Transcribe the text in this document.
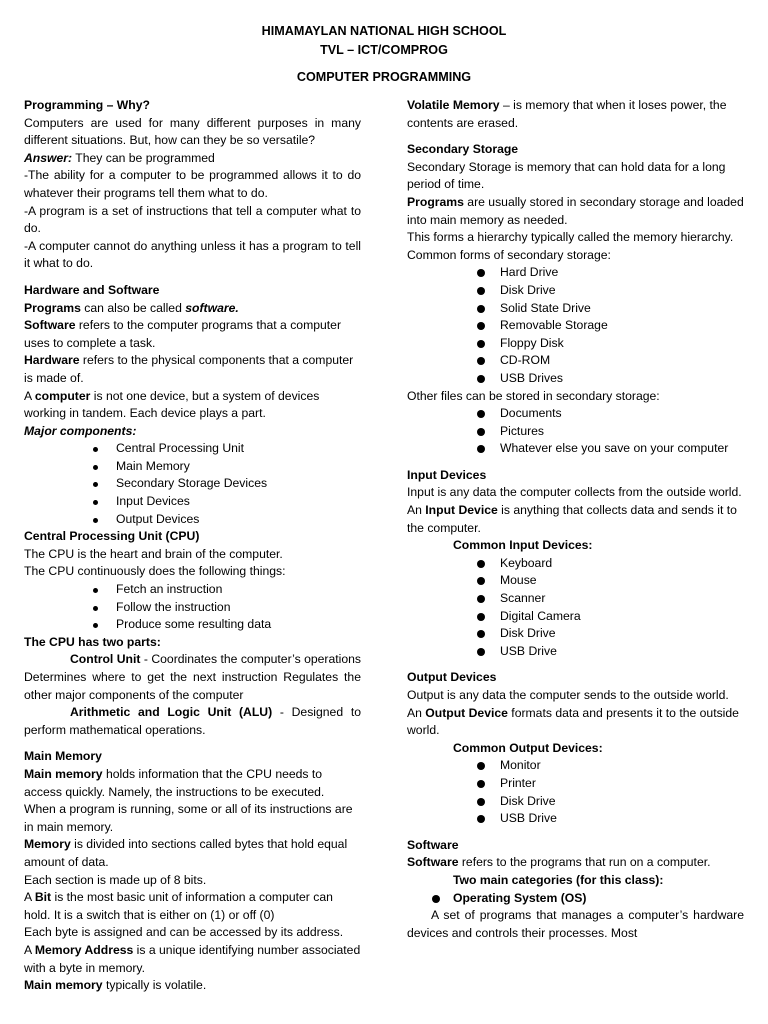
HIMAMAYLAN NATIONAL HIGH SCHOOL
TVL – ICT/COMPROG
COMPUTER PROGRAMMING

Programming – Why?

Computers are used for many different purposes in many different situations. But, how can they be so versatile?

Answer: They can be programmed

-The ability for a computer to be programmed allows it to do whatever their programs tell them what to do.

-A program is a set of instructions that tell a computer what to do.

-A computer cannot do anything unless it has a program to tell it what to do.

Hardware and Software

Programs can also be called software.

Software refers to the computer programs that a computer uses to complete a task.

Hardware refers to the physical components that a computer is made of.

A computer is not one device, but a system of devices working in tandem. Each device plays a part.

Major components:

Central Processing Unit
Main Memory
Secondary Storage Devices
Input Devices
Output Devices

Central Processing Unit (CPU)

The CPU is the heart and brain of the computer.

The CPU continuously does the following things:

Fetch an instruction
Follow the instruction
Produce some resulting data

The CPU has two parts:

Control Unit - Coordinates the computer’s operations Determines where to get the next instruction Regulates the other major components of the computer

Arithmetic and Logic Unit (ALU) - Designed to perform mathematical operations.

Main Memory

Main memory holds information that the CPU needs to access quickly. Namely, the instructions to be executed.

When a program is running, some or all of its instructions are in main memory.

Memory is divided into sections called bytes that hold equal amount of data.

Each section is made up of 8 bits.

A Bit is the most basic unit of information a computer can hold. It is a switch that is either on (1) or off (0)

Each byte is assigned and can be accessed by its address.

A Memory Address is a unique identifying number associated with a byte in memory.

Main memory typically is volatile.

Volatile Memory – is memory that when it loses power, the contents are erased.

Secondary Storage

Secondary Storage is memory that can hold data for a long period of time.

Programs are usually stored in secondary storage and loaded into main memory as needed.

This forms a hierarchy typically called the memory hierarchy.

Common forms of secondary storage:

Hard Drive
Disk Drive
Solid State Drive
Removable Storage
Floppy Disk
CD-ROM
USB Drives

Other files can be stored in secondary storage:

Documents
Pictures
Whatever else you save on your computer

Input Devices

Input is any data the computer collects from the outside world.

An Input Device is anything that collects data and sends it to the computer.

Common Input Devices:

Keyboard
Mouse
Scanner
Digital Camera
Disk Drive
USB Drive

Output Devices

Output is any data the computer sends to the outside world.

An Output Device formats data and presents it to the outside world.

Common Output Devices:

Monitor
Printer
Disk Drive
USB Drive

Software

Software refers to the programs that run on a computer.

Two main categories (for this class):

Operating System (OS)

A set of programs that manages a computer’s hardware devices and controls their processes. Most
